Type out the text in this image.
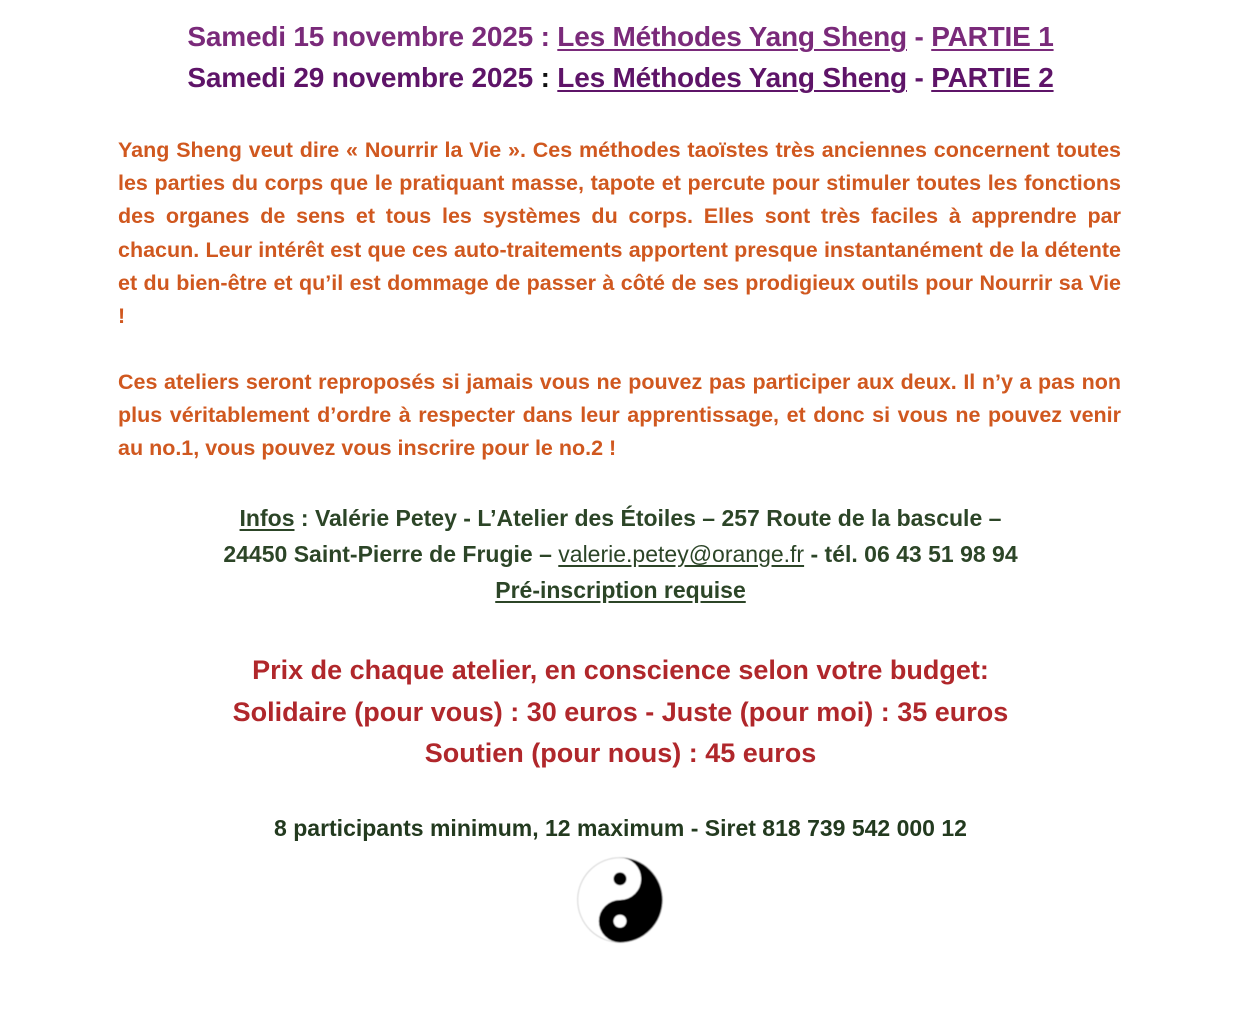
Samedi 15 novembre 2025 : Les Méthodes Yang Sheng - PARTIE 1
Samedi 29 novembre 2025 : Les Méthodes Yang Sheng - PARTIE 2

Yang Sheng veut dire « Nourrir la Vie ». Ces méthodes taoïstes très anciennes concernent toutes les parties du corps que le pratiquant masse, tapote et percute pour stimuler toutes les fonctions des organes de sens et tous les systèmes du corps. Elles sont très faciles à apprendre par chacun. Leur intérêt est que ces auto-traitements apportent presque instantanément de la détente et du bien-être et qu’il est dommage de passer à côté de ses prodigieux outils pour Nourrir sa Vie !

Ces ateliers seront reproposés si jamais vous ne pouvez pas participer aux deux. Il n’y a pas non plus véritablement d’ordre à respecter dans leur apprentissage, et donc si vous ne pouvez venir au no.1, vous pouvez vous inscrire pour le no.2 !

Infos : Valérie Petey - L’Atelier des Étoiles – 257 Route de la bascule –
24450 Saint-Pierre de Frugie – valerie.petey@orange.fr - tél. 06 43 51 98 94
Pré-inscription requise
Prix de chaque atelier, en conscience selon votre budget:
Solidaire (pour vous) : 30 euros - Juste (pour moi) : 35 euros
Soutien (pour nous) : 45 euros
8 participants minimum, 12 maximum - Siret 818 739 542 000 12
